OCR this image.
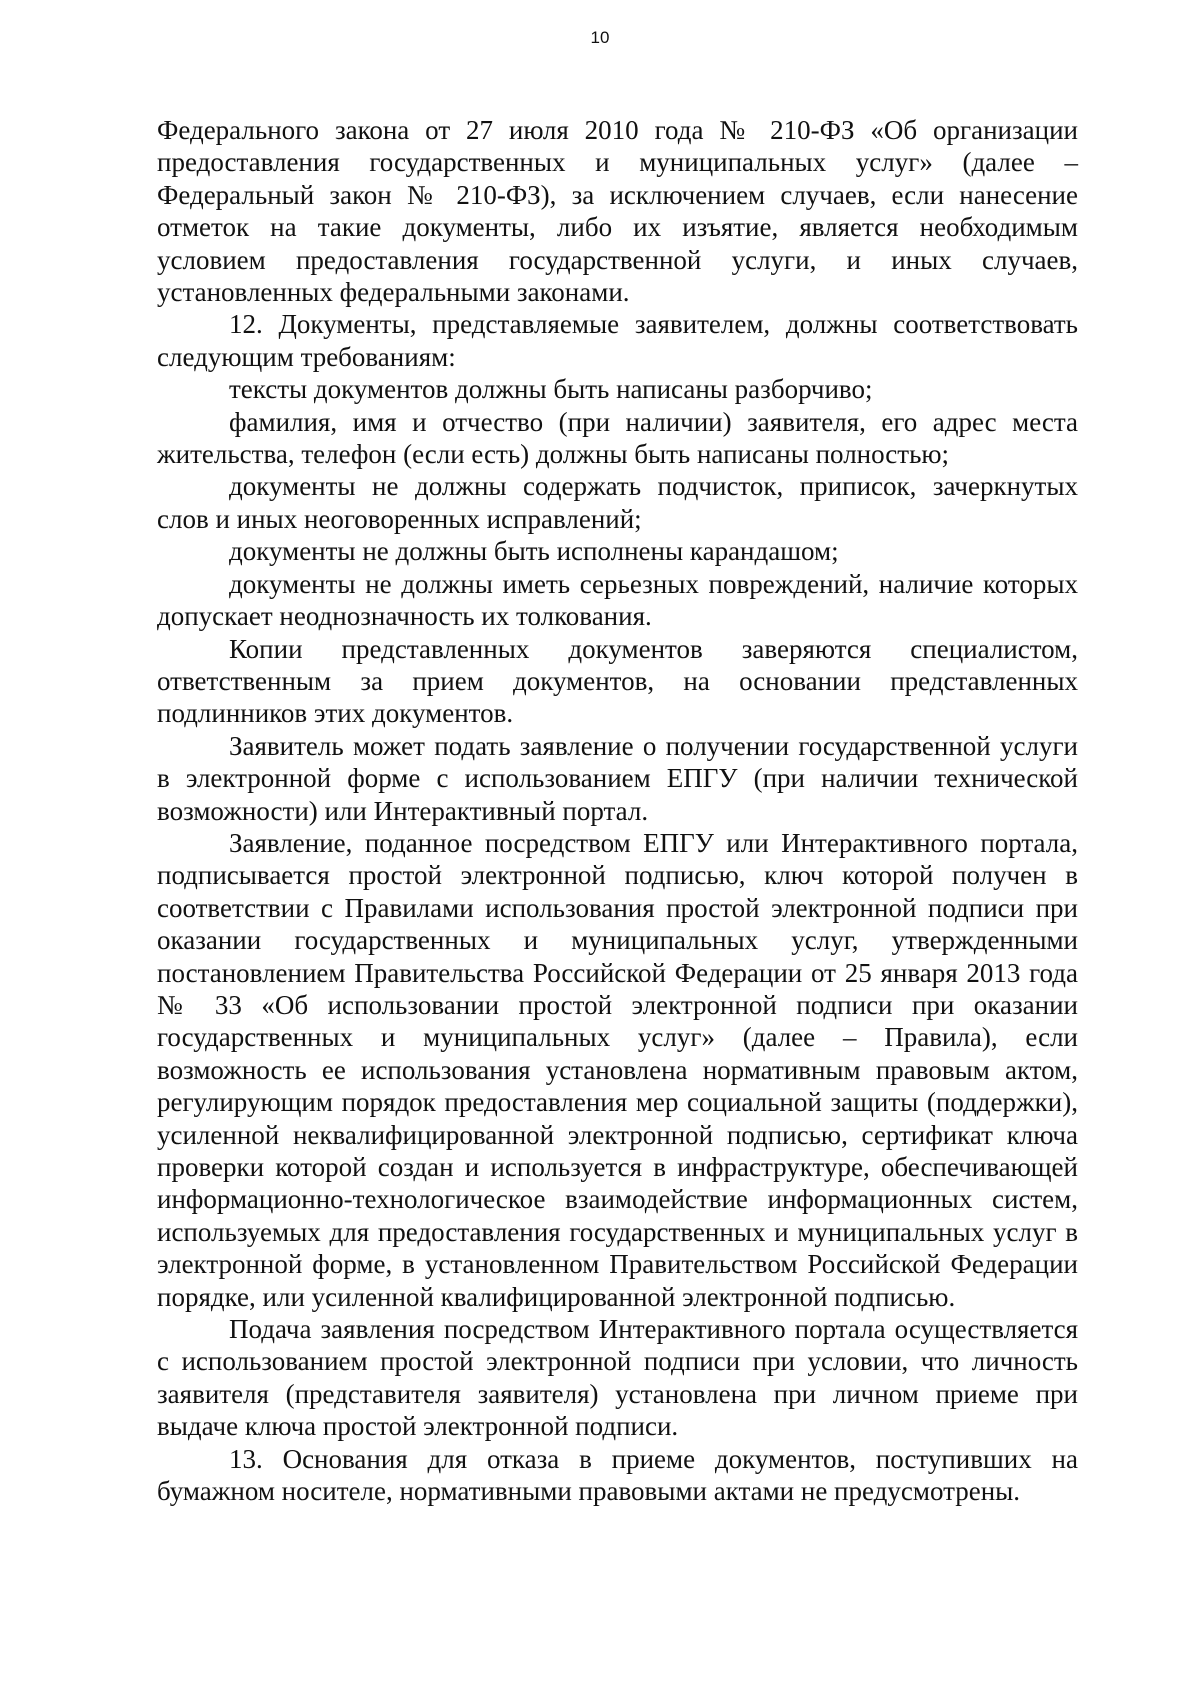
10

Федерального закона от 27 июля 2010 года № 210-ФЗ «Об организации предоставления государственных и муниципальных услуг» (далее – Федеральный закон № 210-ФЗ), за исключением случаев, если нанесение отметок на такие документы, либо их изъятие, является необходимым условием предоставления государственной услуги, и иных случаев, установленных федеральными законами.

12. Документы, представляемые заявителем, должны соответствовать следующим требованиям:

тексты документов должны быть написаны разборчиво;

фамилия, имя и отчество (при наличии) заявителя, его адрес места жительства, телефон (если есть) должны быть написаны полностью;

документы не должны содержать подчисток, приписок, зачеркнутых слов и иных неоговоренных исправлений;

документы не должны быть исполнены карандашом;

документы не должны иметь серьезных повреждений, наличие которых допускает неоднозначность их толкования.

Копии представленных документов заверяются специалистом, ответственным за прием документов, на основании представленных подлинников этих документов.

Заявитель может подать заявление о получении государственной услуги в электронной форме с использованием ЕПГУ (при наличии технической возможности) или Интерактивный портал.

Заявление, поданное посредством ЕПГУ или Интерактивного портала, подписывается простой электронной подписью, ключ которой получен в соответствии с Правилами использования простой электронной подписи при оказании государственных и муниципальных услуг, утвержденными постановлением Правительства Российской Федерации от 25 января 2013 года № 33 «Об использовании простой электронной подписи при оказании государственных и муниципальных услуг» (далее – Правила), если возможность ее использования установлена нормативным правовым актом, регулирующим порядок предоставления мер социальной защиты (поддержки), усиленной неквалифицированной электронной подписью, сертификат ключа проверки которой создан и используется в инфраструктуре, обеспечивающей информационно-технологическое взаимодействие информационных систем, используемых для предоставления государственных и муниципальных услуг в электронной форме, в установленном Правительством Российской Федерации порядке, или усиленной квалифицированной электронной подписью.

Подача заявления посредством Интерактивного портала осуществляется с использованием простой электронной подписи при условии, что личность заявителя (представителя заявителя) установлена при личном приеме при выдаче ключа простой электронной подписи.

13. Основания для отказа в приеме документов, поступивших на бумажном носителе, нормативными правовыми актами не предусмотрены.
